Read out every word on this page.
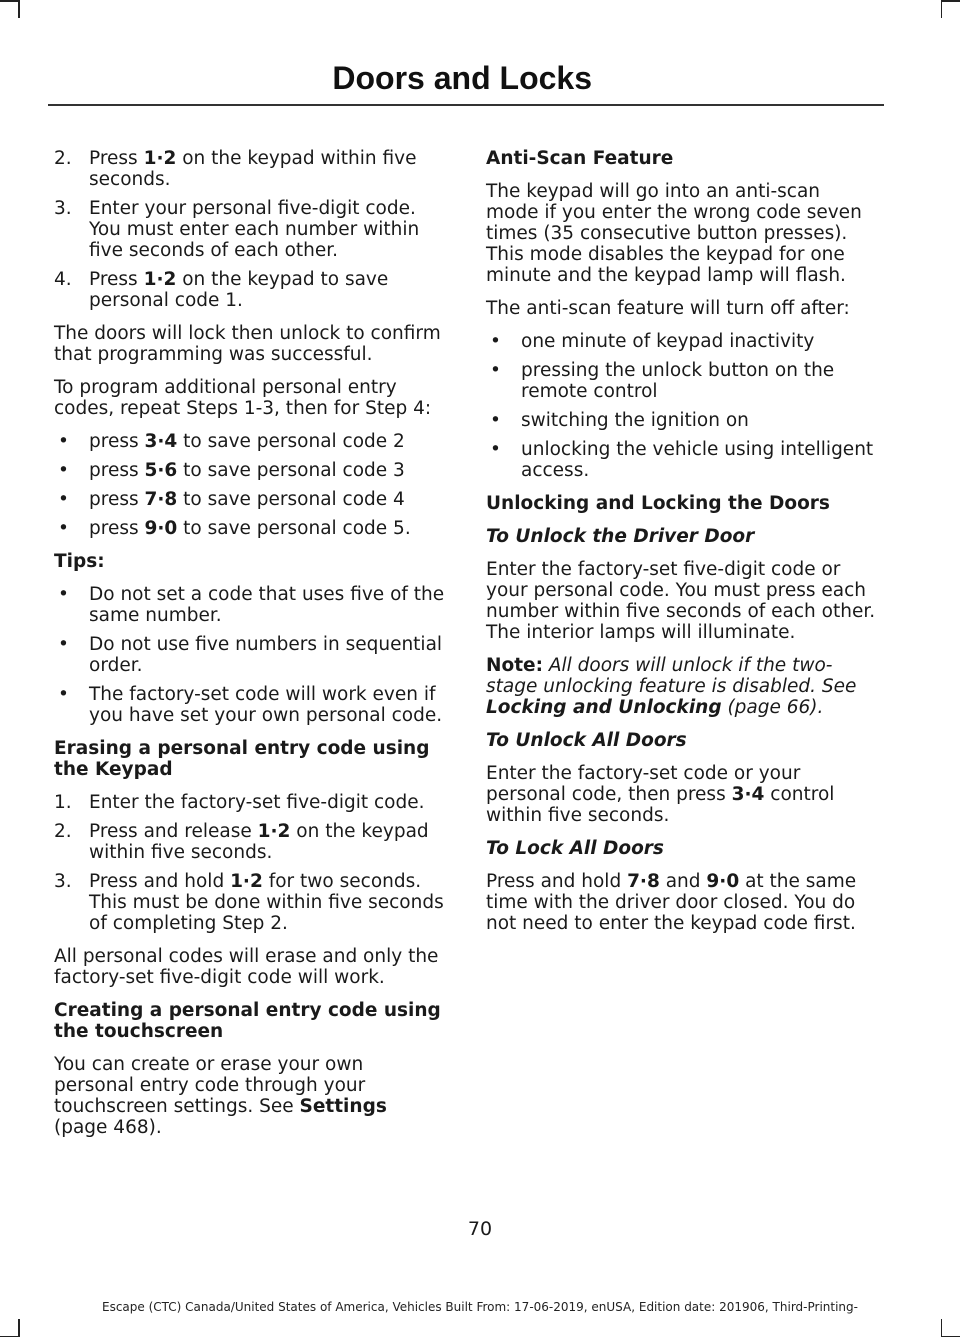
Doors and Locks
2. Press 1·2 on the keypad within five seconds.
3. Enter your personal five-digit code. You must enter each number within five seconds of each other.
4. Press 1·2 on the keypad to save personal code 1.

The doors will lock then unlock to confirm that programming was successful.

To program additional personal entry codes, repeat Steps 1-3, then for Step 4:

• press 3·4 to save personal code 2
• press 5·6 to save personal code 3
• press 7·8 to save personal code 4
• press 9·0 to save personal code 5.
Tips:
• Do not set a code that uses five of the same number.
• Do not use five numbers in sequential order.
• The factory-set code will work even if you have set your own personal code.
Erasing a personal entry code using the Keypad
1. Enter the factory-set five-digit code.
2. Press and release 1·2 on the keypad within five seconds.
3. Press and hold 1·2 for two seconds. This must be done within five seconds of completing Step 2.

All personal codes will erase and only the factory-set five-digit code will work.

Creating a personal entry code using the touchscreen

You can create or erase your own personal entry code through your touchscreen settings. See Settings (page 468).

Anti-Scan Feature

The keypad will go into an anti-scan mode if you enter the wrong code seven times (35 consecutive button presses). This mode disables the keypad for one minute and the keypad lamp will flash.

The anti-scan feature will turn off after:

• one minute of keypad inactivity
• pressing the unlock button on the remote control
• switching the ignition on
• unlocking the vehicle using intelligent access.
Unlocking and Locking the Doors
To Unlock the Driver Door

Enter the factory-set five-digit code or your personal code. You must press each number within five seconds of each other. The interior lamps will illuminate.

Note: All doors will unlock if the two-stage unlocking feature is disabled. See Locking and Unlocking (page 66).

To Unlock All Doors

Enter the factory-set code or your personal code, then press 3·4 control within five seconds.

To Lock All Doors

Press and hold 7·8 and 9·0 at the same time with the driver door closed. You do not need to enter the keypad code first.

70
Escape (CTC) Canada/United States of America, Vehicles Built From: 17-06-2019, enUSA, Edition date: 201906, Third-Printing-
